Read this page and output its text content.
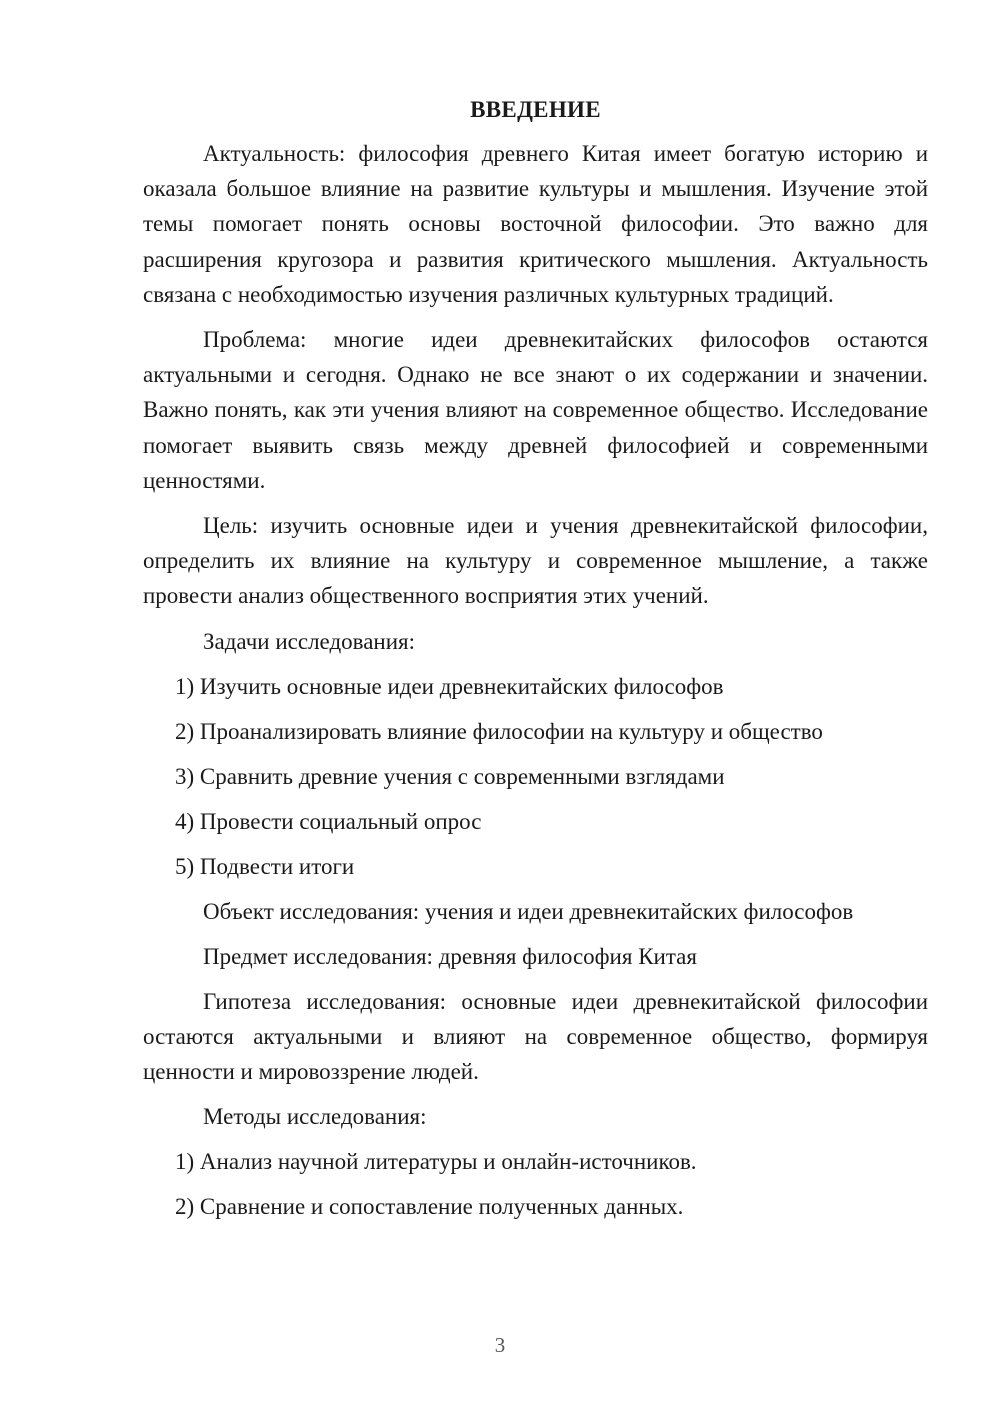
ВВЕДЕНИЕ

Актуальность: философия древнего Китая имеет богатую историю и оказала большое влияние на развитие культуры и мышления. Изучение этой темы помогает понять основы восточной философии. Это важно для расширения кругозора и развития критического мышления. Актуальность связана с необходимостью изучения различных культурных традиций.

Проблема: многие идеи древнекитайских философов остаются актуальными и сегодня. Однако не все знают о их содержании и значении. Важно понять, как эти учения влияют на современное общество. Исследование помогает выявить связь между древней философией и современными ценностями.

Цель: изучить основные идеи и учения древнекитайской философии, определить их влияние на культуру и современное мышление, а также провести анализ общественного восприятия этих учений.

Задачи исследования:
1) Изучить основные идеи древнекитайских философов
2) Проанализировать влияние философии на культуру и общество
3) Сравнить древние учения с современными взглядами
4) Провести социальный опрос
5) Подвести итоги
Объект исследования: учения и идеи древнекитайских философов
Предмет исследования: древняя философия Китая

Гипотеза исследования: основные идеи древнекитайской философии остаются актуальными и влияют на современное общество, формируя ценности и мировоззрение людей.

Методы исследования:
1) Анализ научной литературы и онлайн-источников.
2) Сравнение и сопоставление полученных данных.
3
